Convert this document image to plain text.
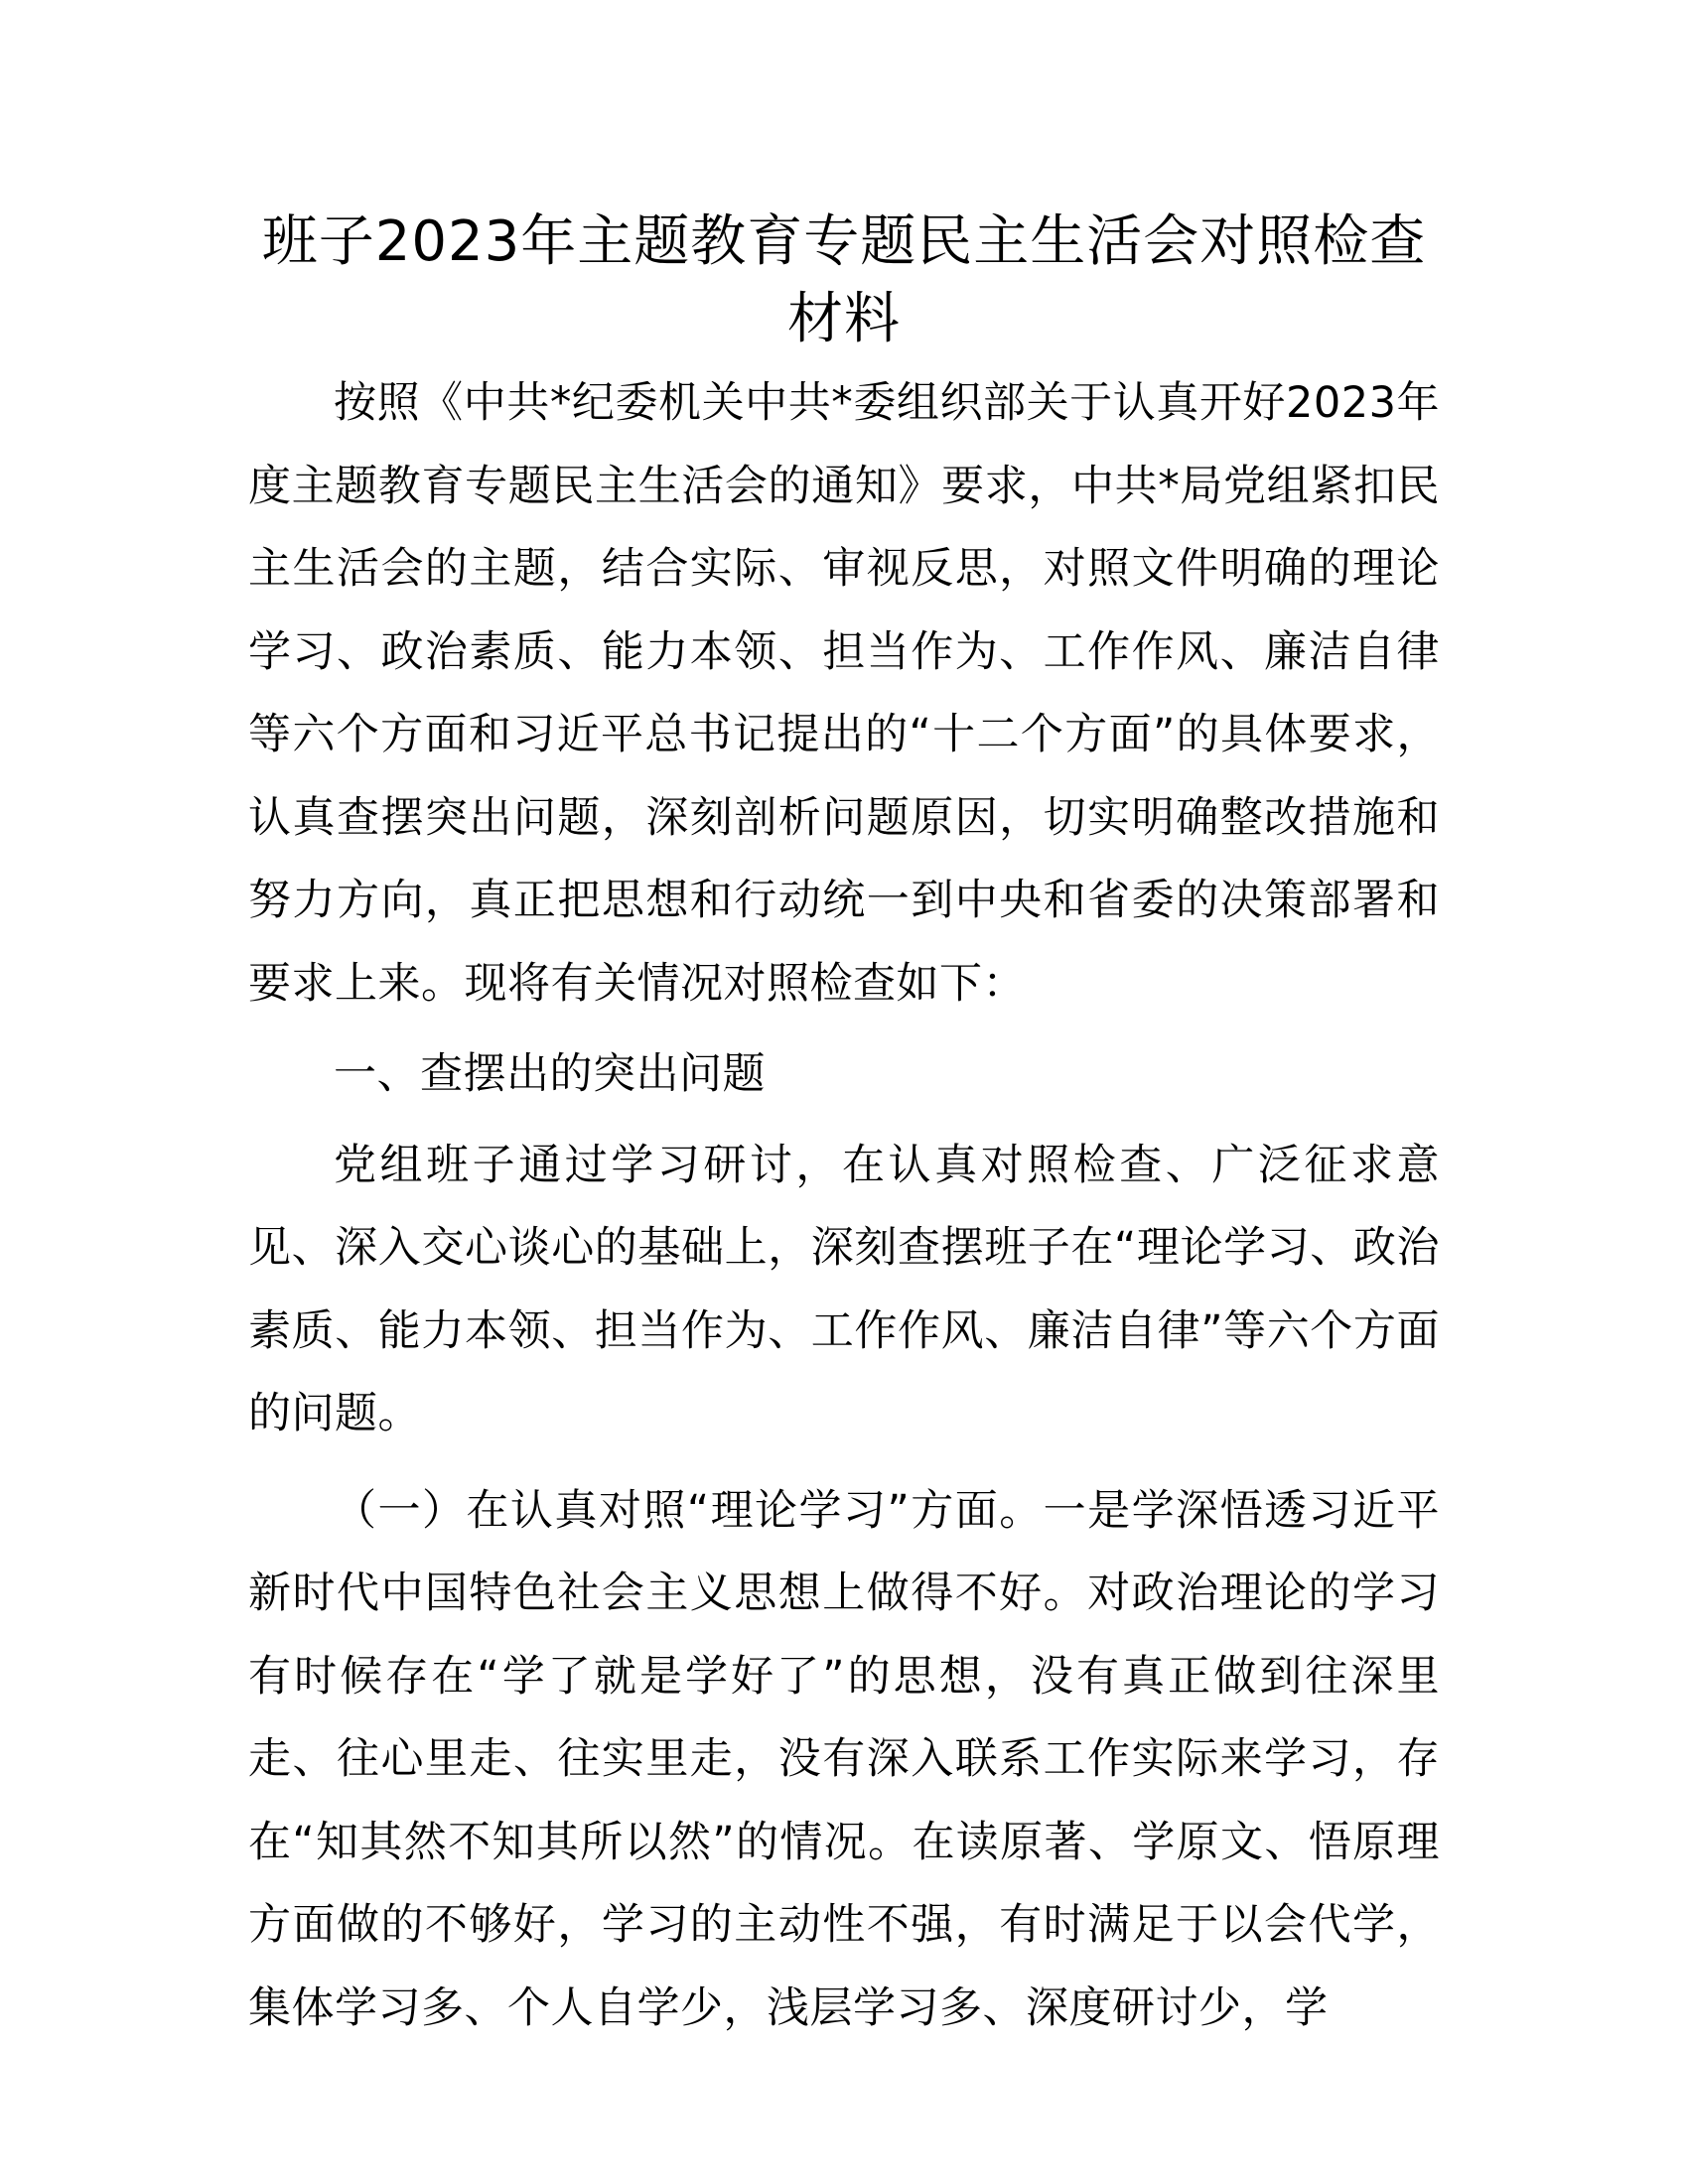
班子2023年主题教育专题民主生活会对照检查
材料

按照《中共*纪委机关中共*委组织部关于认真开好2023年度主题教育专题民主生活会的通知》要求，中共*局党组紧扣民主生活会的主题，结合实际、审视反思，对照文件明确的理论学习、政治素质、能力本领、担当作为、工作作风、廉洁自律等六个方面和习近平总书记提出的“十二个方面”的具体要求，认真查摆突出问题，深刻剖析问题原因，切实明确整改措施和努力方向，真正把思想和行动统一到中央和省委的决策部署和要求上来。现将有关情况对照检查如下：

一、查摆出的突出问题

党组班子通过学习研讨，在认真对照检查、广泛征求意见、深入交心谈心的基础上，深刻查摆班子在“理论学习、政治素质、能力本领、担当作为、工作作风、廉洁自律”等六个方面的问题。

（一）在认真对照“理论学习”方面。一是学深悟透习近平新时代中国特色社会主义思想上做得不好。对政治理论的学习有时候存在“学了就是学好了”的思想，没有真正做到往深里走、往心里走、往实里走，没有深入联系工作实际来学习，存在“知其然不知其所以然”的情况。在读原著、学原文、悟原理方面做的不够好，学习的主动性不强，有时满足于以会代学，集体学习多、个人自学少，浅层学习多、深度研讨少，学
